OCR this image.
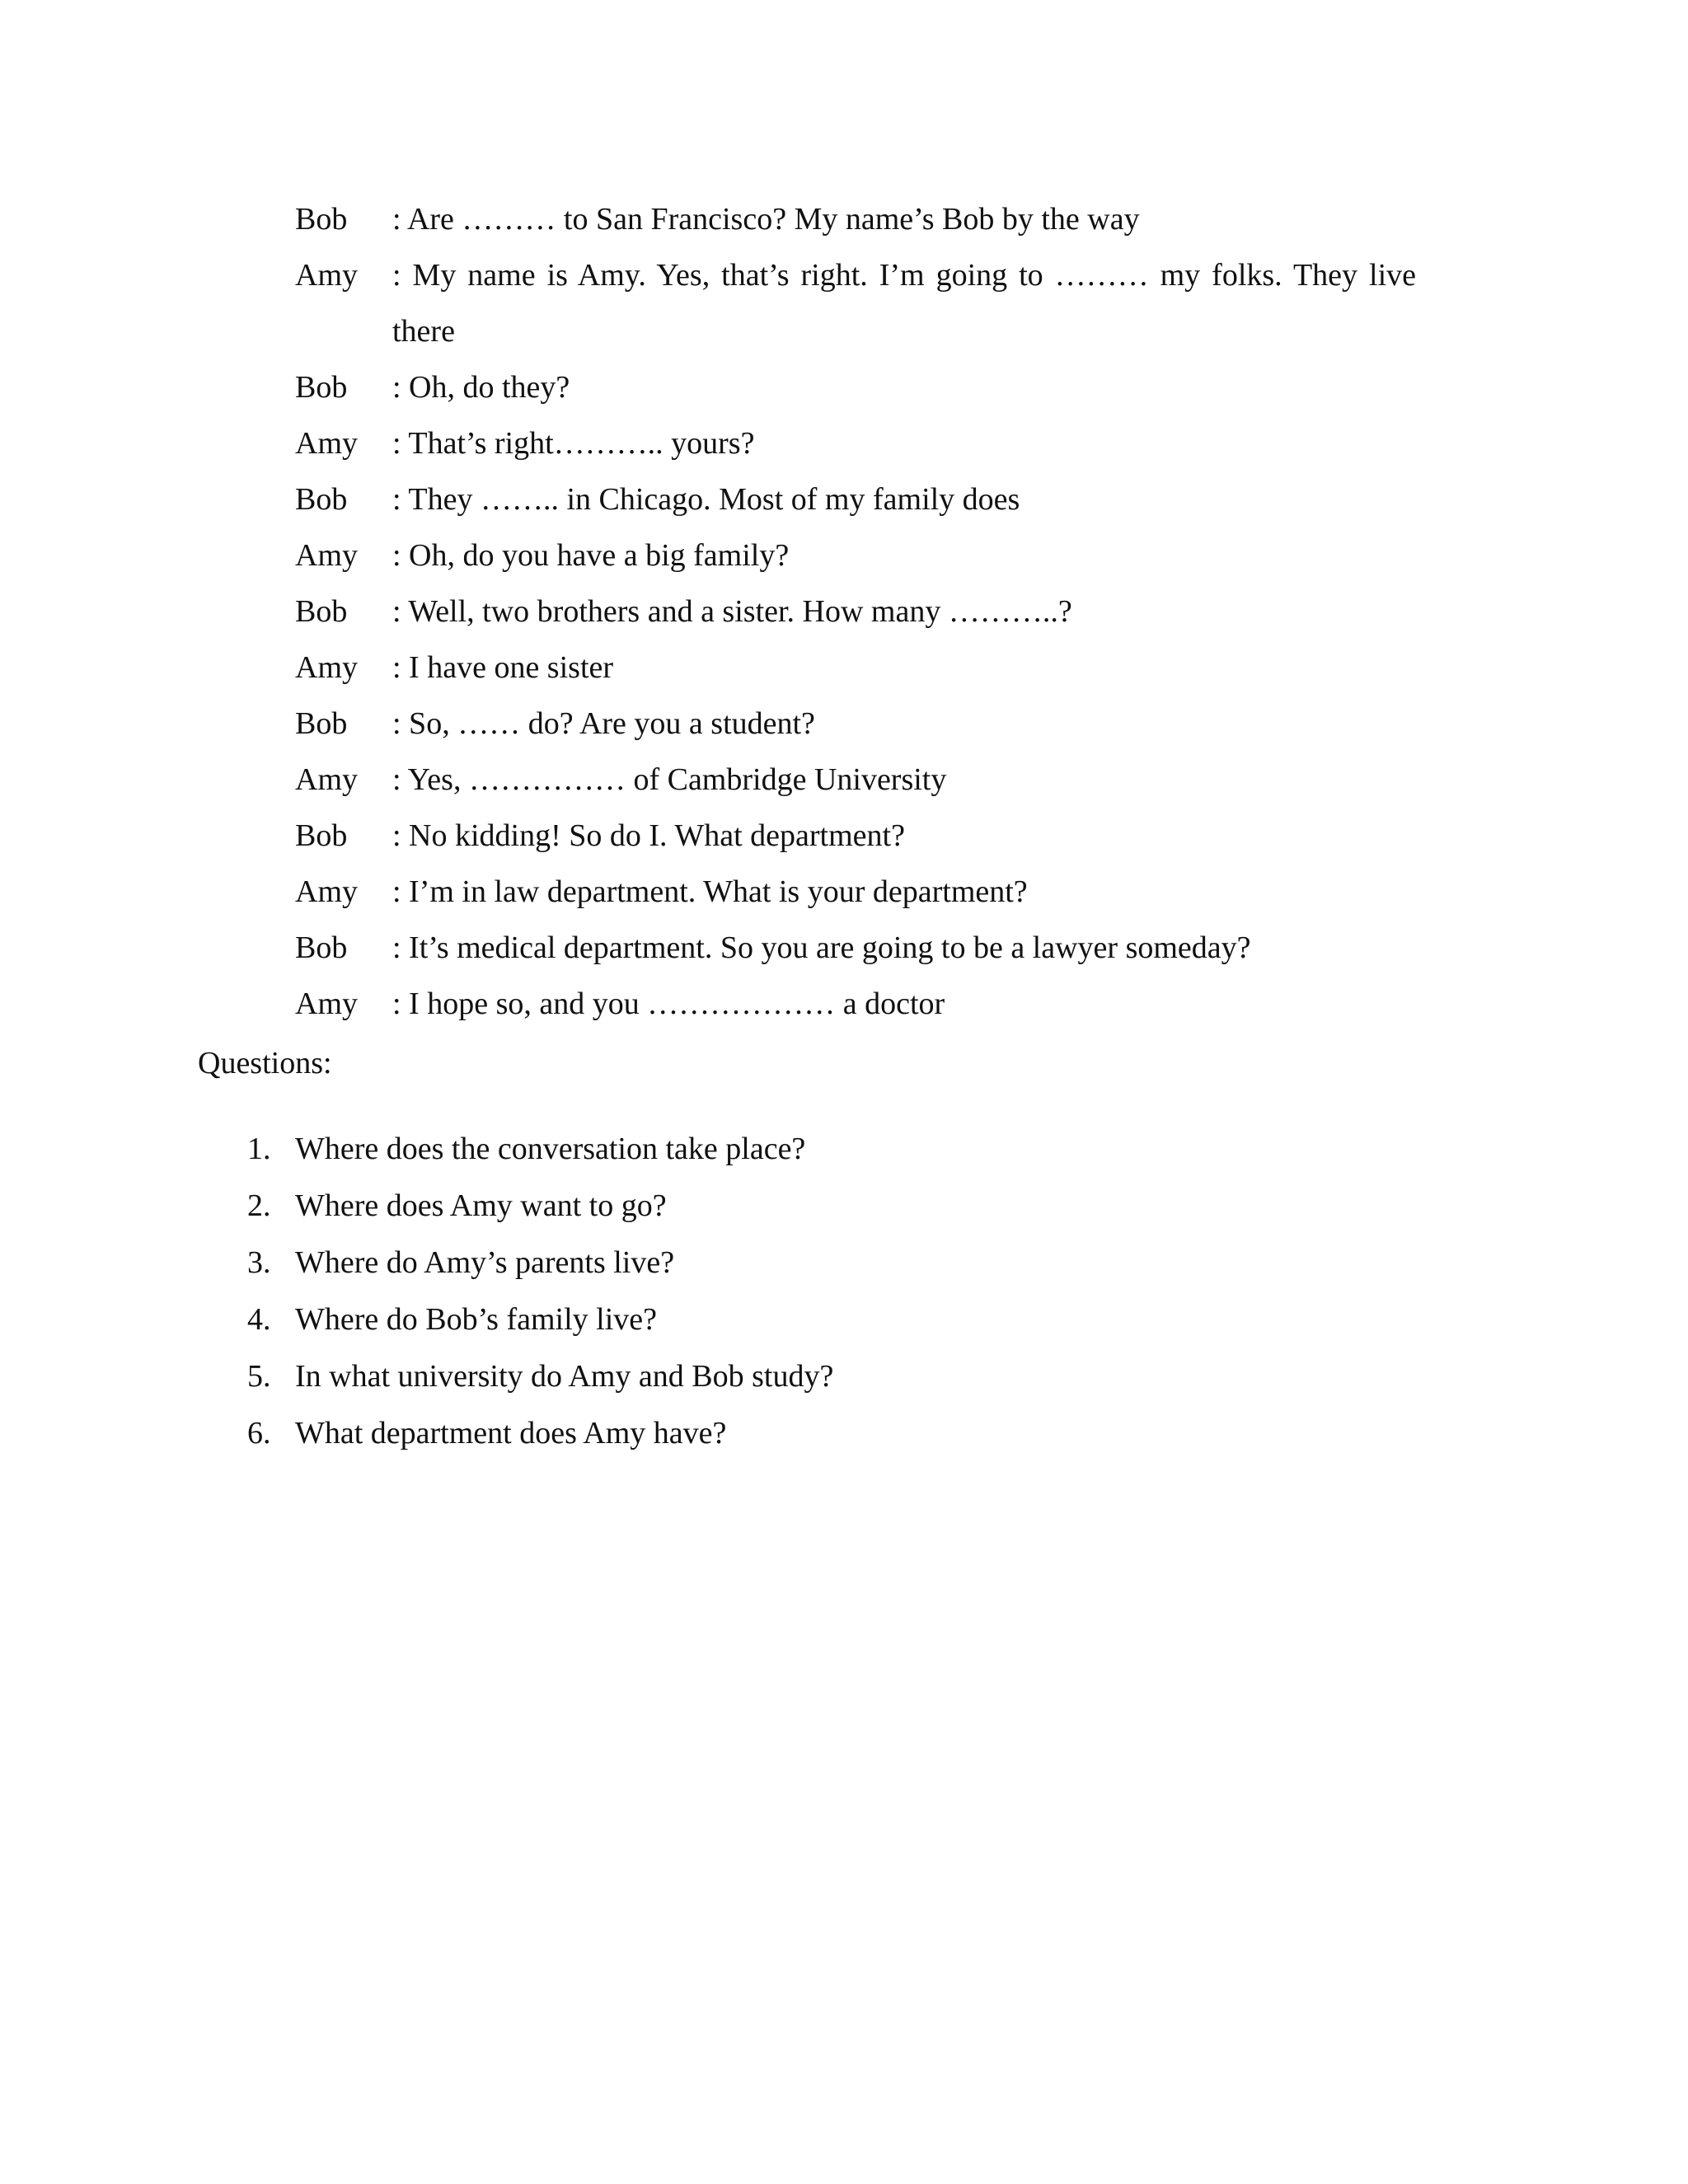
Bob	: Are ……… to San Francisco? My name’s Bob by the way
Amy	: My name is Amy. Yes, that’s right. I’m going to ……… my folks. They live there
Bob	: Oh, do they?
Amy	: That’s right……….. yours?
Bob	: They …….. in Chicago. Most of my family does
Amy	: Oh, do you have a big family?
Bob	: Well, two brothers and a sister. How many ………..?
Amy	: I have one sister
Bob	: So, …… do? Are you a student?
Amy	: Yes, …………… of Cambridge University
Bob	: No kidding! So do I. What department?
Amy	: I’m in law department. What is your department?
Bob	: It’s medical department. So you are going to be a lawyer someday?
Amy	: I hope so, and you ……………… a doctor
Questions:
1. Where does the conversation take place?
2. Where does Amy want to go?
3. Where do Amy’s parents live?
4. Where do Bob’s family live?
5. In what university do Amy and Bob study?
6. What department does Amy have?
